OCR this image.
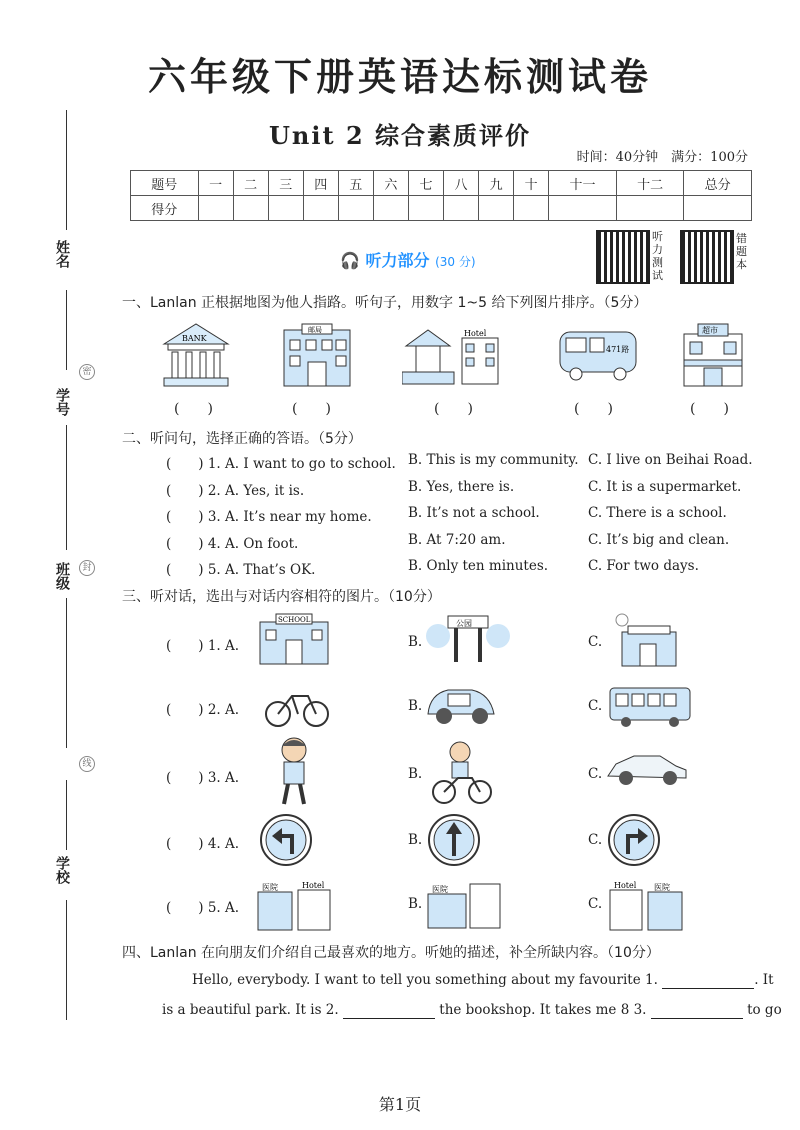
六年级下册英语达标测试卷
Unit 2 综合素质评价
时间：40分钟　满分：100分
题号	一	二	三	四	五	六	七	八	九	十	十一	十二	总分
得分													
姓名
密
学号
封
班级
线
学校
🎧 听力部分 (30 分)
听力测试
错题本
一、Lanlan 正根据地图为他人指路。听句子，用数字 1~5 给下列图片排序。（5分）
BANK
邮局	Hotel
471路
超市
(　　)	(　　)	(　　)	(　　)	(　　)
二、听问句，选择正确的答语。（5分）
(　　) 1. A. I want to go to school. B. This is my community. C. I live on Beihai Road.
(　　) 2. A. Yes, it is.	B. Yes, there is.	C. It is a supermarket.
(　　) 3. A. It’s near my home.	B. It’s not a school.	C. There is a school.
(　　) 4. A. On foot.	B. At 7:20 am.	C. It’s big and clean.
(　　) 5. A. That’s OK.	B. Only ten minutes.	C. For two days.
三、听对话，选出与对话内容相符的图片。（10分）
(　　) 1. A.	B.	C.
(　　) 2. A.	B.	C.
(　　) 3. A.	B.	C.
(　　) 4. A.	B.	C.
(　　) 5. A.	B.	C.
SCHOOL	公园
医院	Hotel	医院	Hotel 医院
四、Lanlan 在向朋友们介绍自己最喜欢的地方。听她的描述，补全所缺内容。（10分）
Hello, everybody. I want to tell you something about my favourite 1.	. It
is a beautiful park. It is 2.	the bookshop. It takes me 8 3.	to go
第1页
